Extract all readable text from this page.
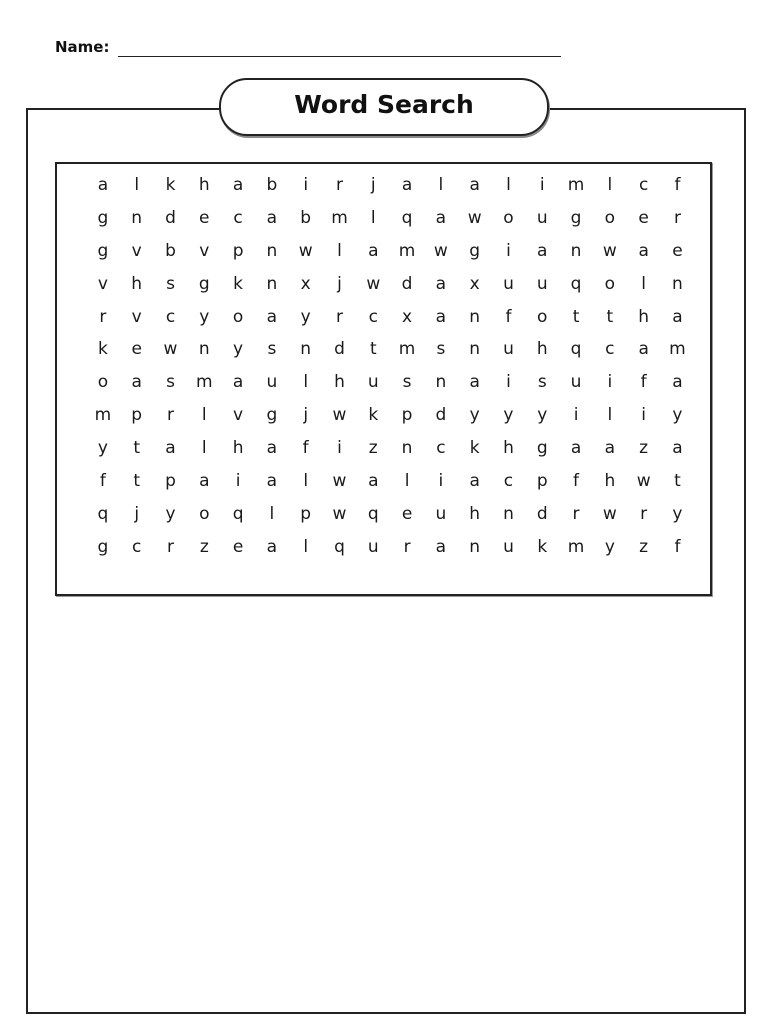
Name:
Word Search
a	l	k	h	a	b	i	r	j	a	l	a	l	i	m	l	c	f
g	n	d	e	c	a	b	m	l	q	a	w	o	u	g	o	e	r
g	v	b	v	p	n	w	l	a	m	w	g	i	a	n	w	a	e
v	h	s	g	k	n	x	j	w	d	a	x	u	u	q	o	l	n
r	v	c	y	o	a	y	r	c	x	a	n	f	o	t	t	h	a
k	e	w	n	y	s	n	d	t	m	s	n	u	h	q	c	a	m
o	a	s	m	a	u	l	h	u	s	n	a	i	s	u	i	f	a
m	p	r	l	v	g	j	w	k	p	d	y	y	y	i	l	i	y
y	t	a	l	h	a	f	i	z	n	c	k	h	g	a	a	z	a
f	t	p	a	i	a	l	w	a	l	i	a	c	p	f	h	w	t
q	j	y	o	q	l	p	w	q	e	u	h	n	d	r	w	r	y
g	c	r	z	e	a	l	q	u	r	a	n	u	k	m	y	z	f
